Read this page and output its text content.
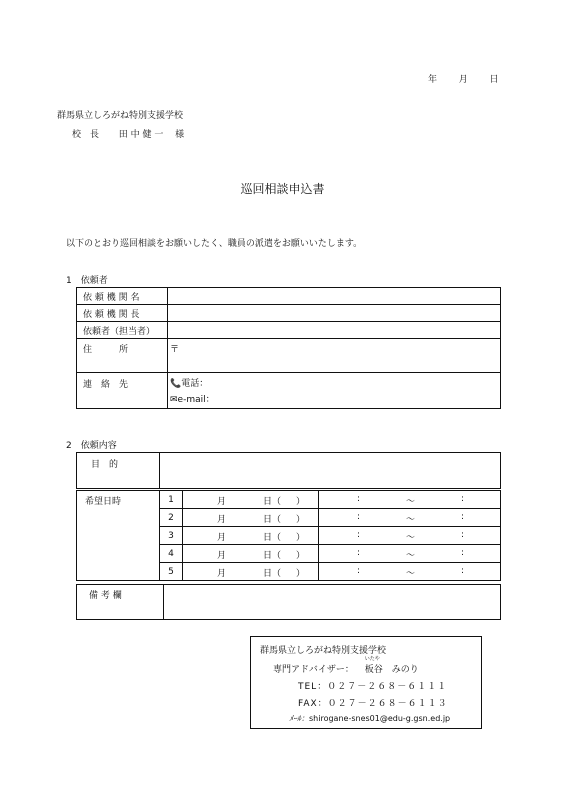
年 月 日
群馬県立しろがね特別支援学校
校　長 田 中 健 一 様
巡回相談申込書
以下のとおり巡回相談をお願いしたく、職員の派遣をお願いいたします。
1　依頼者
依 頼 機 関 名	
依 頼 機 関 長	
依頼者（担当者）	
住　　　所	〒
連　絡　先	📞電話：
✉e-mail：
2　依頼内容
目　的	
希望日時	1	月 日（ ）	: 〜 :

	2	月 日（ ）	: 〜 :

	3	月 日（ ）	: 〜 :

	4	月 日（ ）	: 〜 :

	5	月 日（ ）	: 〜 :
備 考 欄	
群馬県立しろがね特別支援学校
専門アドバイザー：
いたや
板谷　みのり
TEL：０２７－２６８－６１１１
FAX：０２７－２６８－６１１３
ﾒｰﾙ：shirogane-snes01@edu-g.gsn.ed.jp
